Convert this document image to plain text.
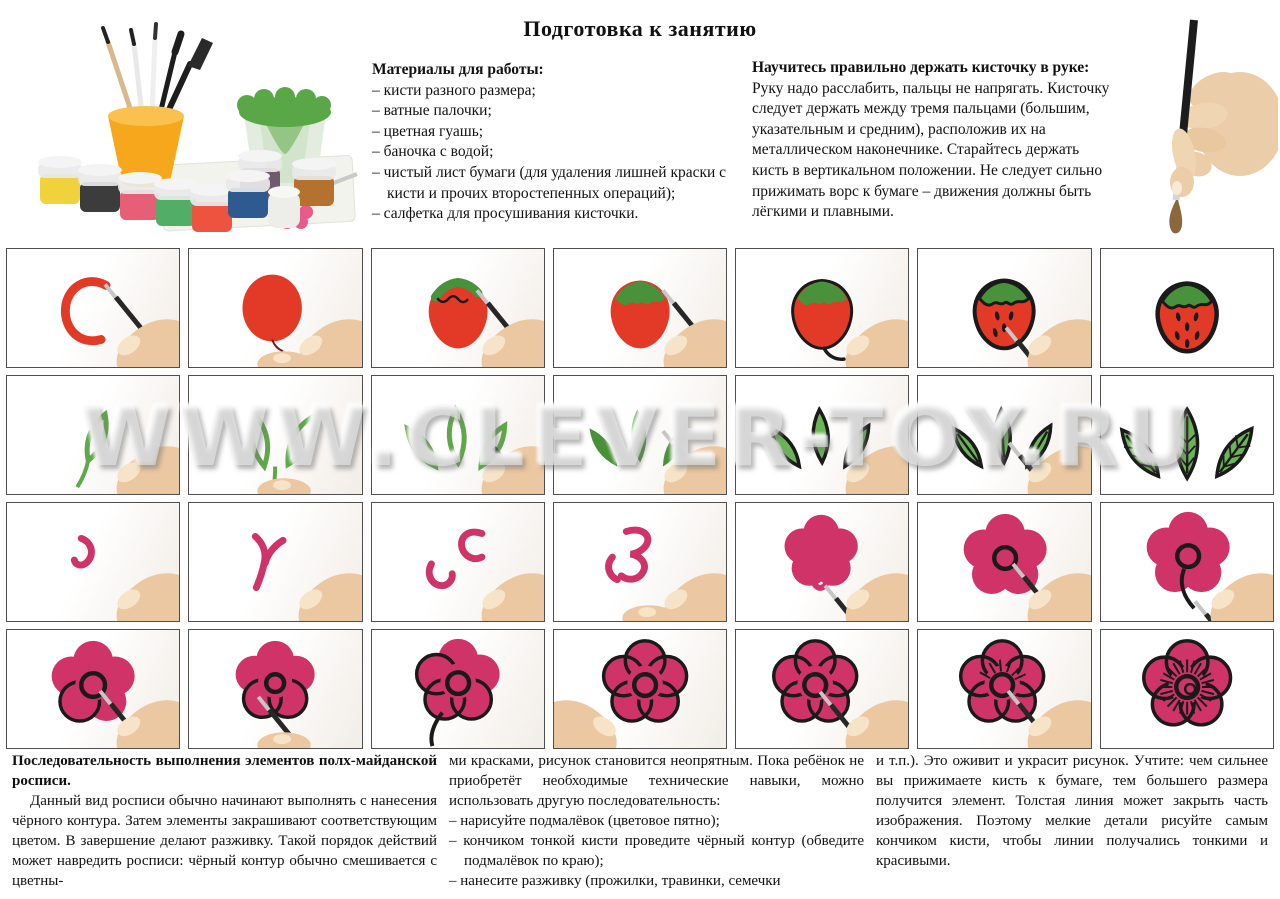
Подготовка к занятию
Материалы для работы:
– кисти разного размера;
– ватные палочки;
– цветная гуашь;
– баночка с водой;
– чистый лист бумаги (для удаления лишней краски с кисти и прочих второстепенных операций);
– салфетка для просушивания кисточки.
Научитесь правильно держать кисточку в руке:
Руку надо расслабить, пальцы не напрягать. Кисточку следует держать между тремя пальцами (большим, указательным и средним), расположив их на металлическом наконечнике. Старайтесь держать кисть в вертикальном положении. Не следует сильно прижимать ворс к бумаге – движения должны быть лёгкими и плавными.
WWW.CLEVER-TOY.RU
Последовательность выполнения элементов полх-майданской росписи.
Данный вид росписи обычно начинают выполнять с нанесения чёрного контура. Затем элементы закрашивают соответствующим цветом. В завершение делают разживку. Такой порядок действий может навредить росписи: чёрный контур обычно смешивается с цветны-
ми красками, рисунок становится неопрятным. Пока ребёнок не приобретёт необходимые технические навыки, можно использовать другую последовательность:
– нарисуйте подмалёвок (цветовое пятно);
– кончиком тонкой кисти проведите чёрный контур (обведите подмалёвок по краю);
– нанесите разживку (прожилки, травинки, семечки
и т.п.). Это оживит и украсит рисунок. Учтите: чем сильнее вы прижимаете кисть к бумаге, тем большего размера получится элемент. Толстая линия может закрыть часть изображения. Поэтому мелкие детали рисуйте самым кончиком кисти, чтобы линии получались тонкими и красивыми.
